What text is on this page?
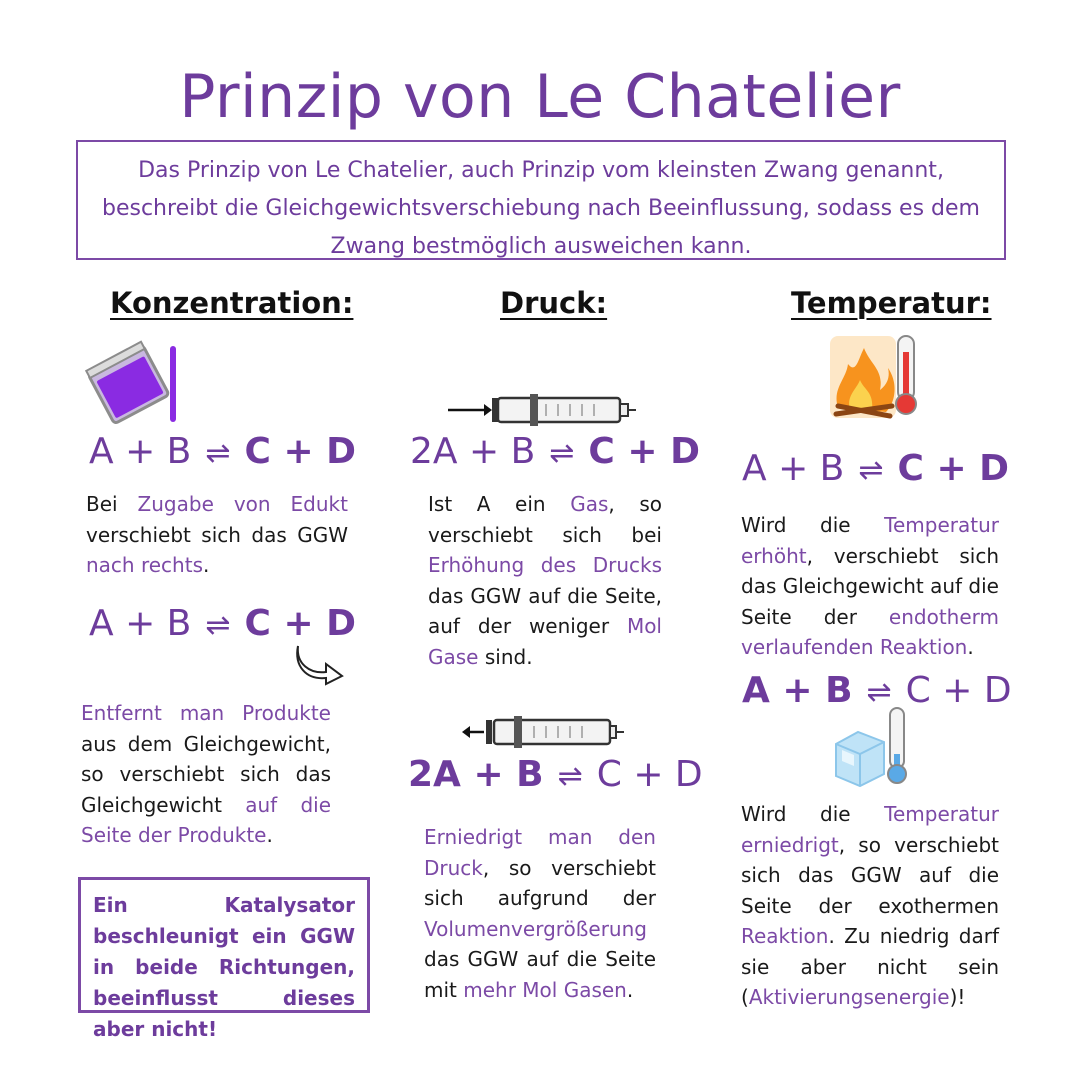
Prinzip von Le Chatelier
Das Prinzip von Le Chatelier, auch Prinzip vom kleinsten Zwang genannt, beschreibt die Gleichgewichtsverschiebung nach Beeinflussung, sodass es dem Zwang bestmöglich ausweichen kann.
Konzentration:
A + B ⇌ C + D
Bei Zugabe von Edukt verschiebt sich das GGW nach rechts.
A + B ⇌ C + D
Entfernt man Produkte aus dem Gleichgewicht, so verschiebt sich das Gleichgewicht auf die Seite der Produkte.
Ein Katalysator beschleunigt ein GGW in beide Richtungen, beeinflusst dieses aber nicht!
Druck:
2A + B ⇌ C + D
Ist A ein Gas, so verschiebt sich bei Erhöhung des Drucks das GGW auf die Seite, auf der weniger Mol Gase sind.
2A + B ⇌ C + D
Erniedrigt man den Druck, so verschiebt sich aufgrund der Volumenvergrößerung das GGW auf die Seite mit mehr Mol Gasen.
Temperatur:
A + B ⇌ C + D
Wird die Temperatur erhöht, verschiebt sich das Gleichgewicht auf die Seite der endotherm verlaufenden Reaktion.
A + B ⇌ C + D
Wird die Temperatur erniedrigt, so verschiebt sich das GGW auf die Seite der exothermen Reaktion. Zu niedrig darf sie aber nicht sein (Aktivierungsenergie)!
